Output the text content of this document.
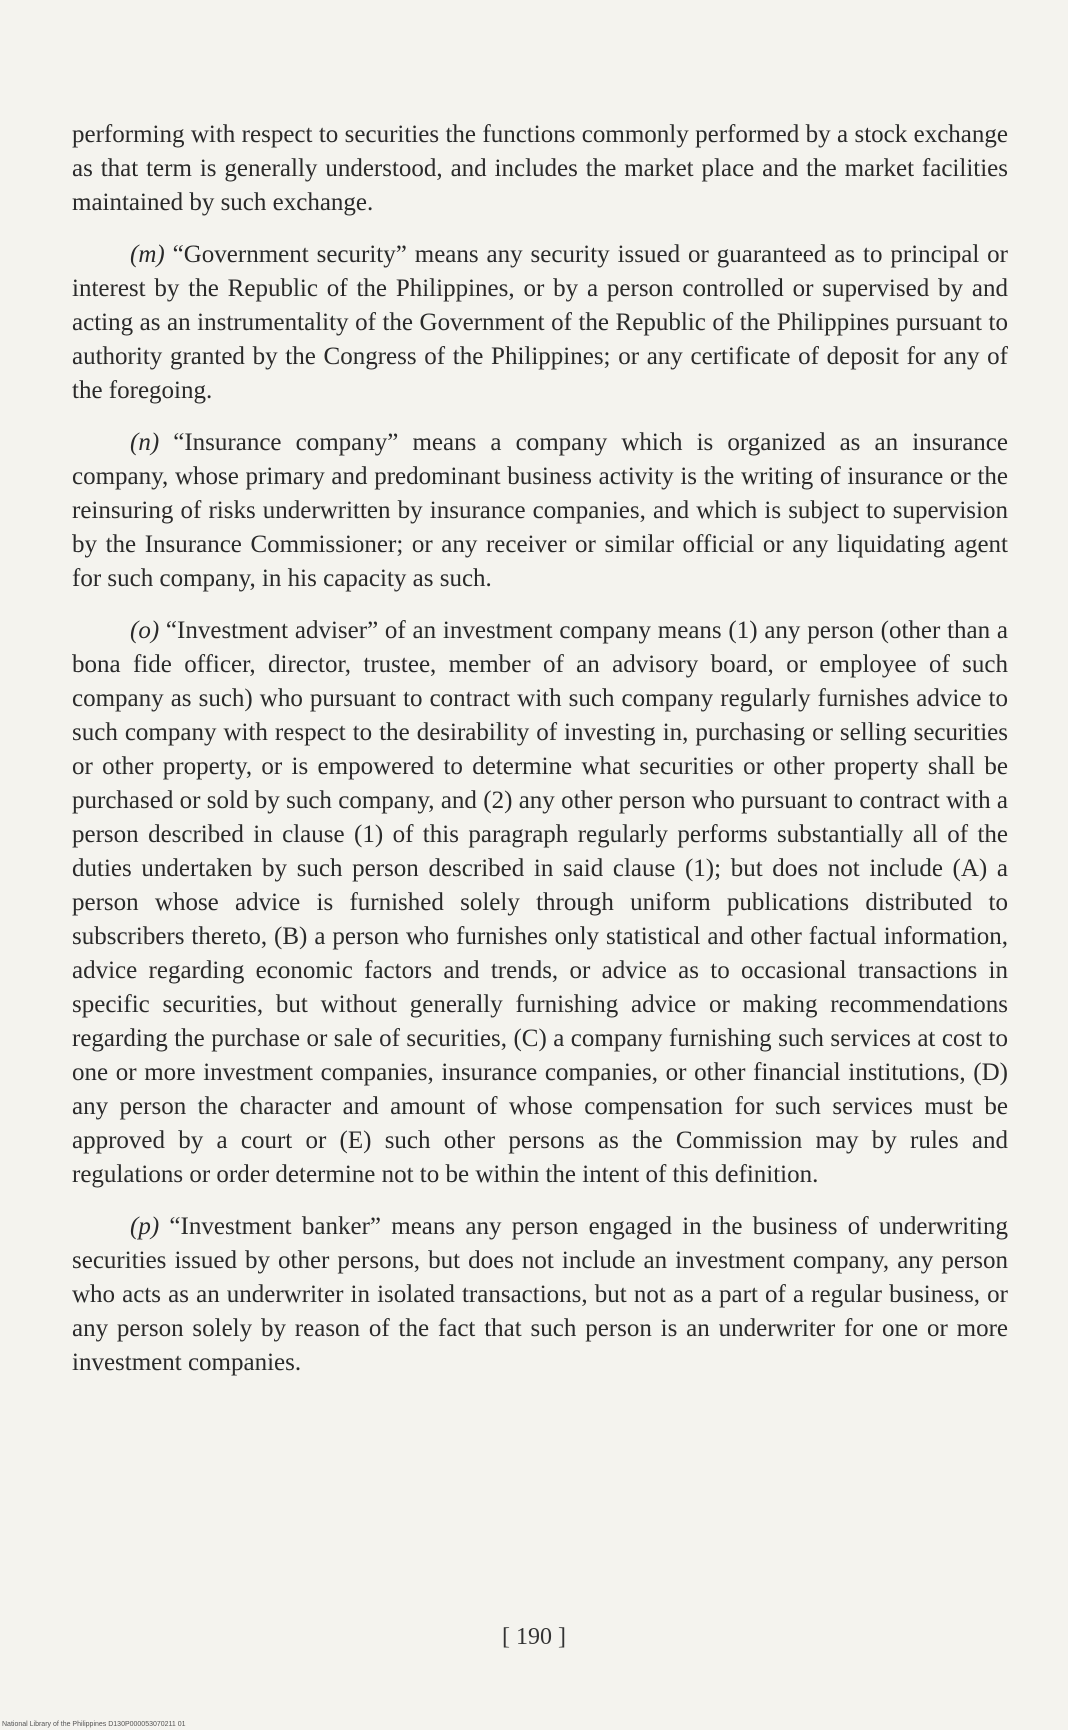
performing with respect to securities the functions commonly performed by a stock exchange as that term is generally understood, and includes the market place and the market facilities maintained by such exchange.

(m) “Government security” means any security issued or guaranteed as to principal or interest by the Republic of the Philippines, or by a person controlled or supervised by and acting as an instrumentality of the Government of the Republic of the Philippines pursuant to authority granted by the Congress of the Philippines; or any certificate of deposit for any of the foregoing.

(n) “Insurance company” means a company which is organized as an insurance company, whose primary and predominant business activity is the writing of insurance or the reinsuring of risks underwritten by insurance companies, and which is subject to supervision by the Insurance Commissioner; or any receiver or similar official or any liquidating agent for such company, in his capacity as such.

(o) “Investment adviser” of an investment company means (1) any person (other than a bona fide officer, director, trustee, member of an advisory board, or employee of such company as such) who pursuant to contract with such company regularly furnishes advice to such company with respect to the desirability of investing in, purchasing or selling securities or other property, or is empowered to determine what securities or other property shall be purchased or sold by such company, and (2) any other person who pursuant to contract with a person described in clause (1) of this paragraph regularly performs substantially all of the duties undertaken by such person described in said clause (1); but does not include (A) a person whose advice is furnished solely through uniform publications distributed to subscribers thereto, (B) a person who furnishes only statistical and other factual information, advice regarding economic factors and trends, or advice as to occasional transactions in specific securities, but without generally furnishing advice or making recommendations regarding the purchase or sale of securities, (C) a company furnishing such services at cost to one or more investment companies, insurance companies, or other financial institutions, (D) any person the character and amount of whose compensation for such services must be approved by a court or (E) such other persons as the Commission may by rules and regulations or order determine not to be within the intent of this definition.

(p) “Investment banker” means any person engaged in the business of underwriting securities issued by other persons, but does not include an investment company, any person who acts as an underwriter in isolated transactions, but not as a part of a regular business, or any person solely by reason of the fact that such person is an underwriter for one or more investment companies.

[ 190 ]
National Library of the Philippines D130P000053070211 01
